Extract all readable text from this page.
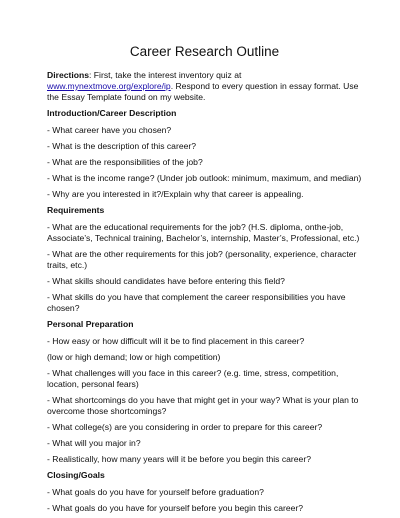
Career Research Outline

Directions: First, take the interest inventory quiz at www.mynextmove.org/explore/ip. Respond to every question in essay format. Use the Essay Template found on my website.

Introduction/Career Description

- What career have you chosen?

- What is the description of this career?

- What are the responsibilities of the job?

- What is the income range? (Under job outlook: minimum, maximum, and median)

- Why are you interested in it?/Explain why that career is appealing.

Requirements

- What are the educational requirements for the job? (H.S. diploma, onthe-job, Associate’s, Technical training, Bachelor’s, internship, Master’s, Professional, etc.)

- What are the other requirements for this job? (personality, experience, character traits, etc.)

- What skills should candidates have before entering this field?

- What skills do you have that complement the career responsibilities you have chosen?

Personal Preparation

- How easy or how difficult will it be to find placement in this career?

(low or high demand; low or high competition)

- What challenges will you face in this career? (e.g. time, stress, competition, location, personal fears)

- What shortcomings do you have that might get in your way? What is your plan to overcome those shortcomings?

- What college(s) are you considering in order to prepare for this career?

- What will you major in?

- Realistically, how many years will it be before you begin this career?

Closing/Goals

- What goals do you have for yourself before graduation?

- What goals do you have for yourself before you begin this career?
